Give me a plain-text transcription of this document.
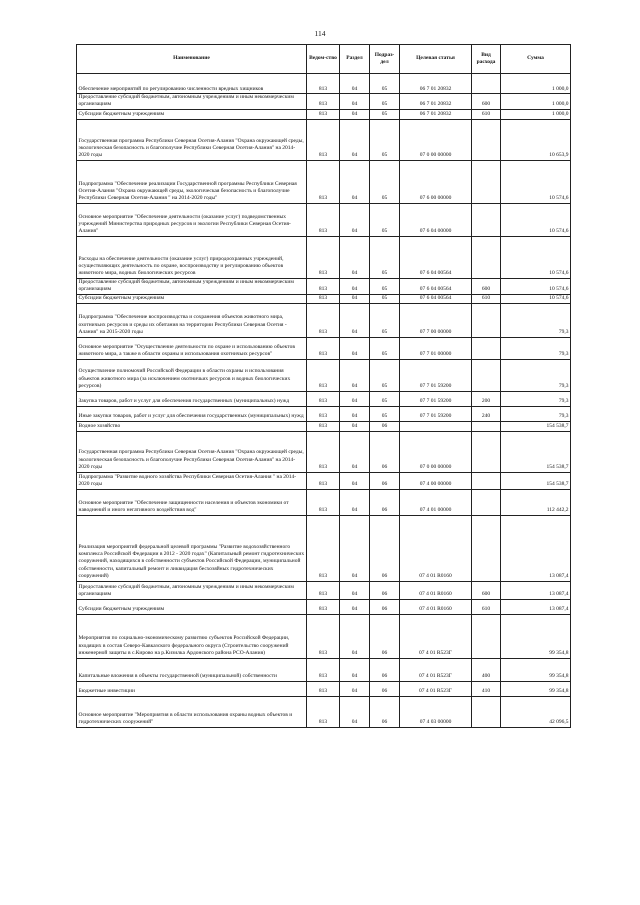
114
Наименование	Ведом-ство	Раздел	Подраз-дел	Целевая статья	Вид расхода	Сумма
Обеспечение мероприятий по регулированию численности вредных хищников	813	04	05	06 7 01 20832		1 000,0
Предоставление субсидий бюджетным, автономным учреждениям и иным некоммерческим организациям	813	04	05	06 7 01 20832	600	1 000,0
Субсидии бюджетным учреждениям	813	04	05	06 7 01 20832	610	1 000,0
Государственная программа Республики Северная Осетия-Алания "Охрана окружающей среды, экологическая безопасность и благополучие Республики Северная Осетия-Алания" на 2014-2020 годы	813	04	05	07 0 00 00000		10 653,9
Подпрограмма "Обеспечение реализации Государственной программы Республики Северная Осетия-Алания "Охрана окружающей среды, экологическая безопасность и благополучие Республики Северная Осетия-Алания " на 2014-2020 годы"	813	04	05	07 6 00 00000		10 574,6
Основное мероприятие "Обеспечение деятельности (оказание услуг) подведомственных учреждений Министерства природных ресурсов и экологии Республики Северная Осетия-Алания"	813	04	05	07 6 04 00000		10 574,6
Расходы на обеспечение деятельности (оказание услуг) природоохранных учреждений, осуществляющих деятельность по охране, воспроизводству и регулированию объектов животного мира, водных биологических ресурсов	813	04	05	07 6 04 00564		10 574,6
Предоставление субсидий бюджетным, автономным учреждениям и иным некоммерческим организациям	813	04	05	07 6 04 00564	600	10 574,6
Субсидии бюджетным учреждениям	813	04	05	07 6 04 00564	610	10 574,6
Подпрограмма "Обеспечение воспроизводства и сохранения объектов животного мира, охотничьих ресурсов и среды их обитания на территории Республики Северная Осетия - Алания" на 2015-2020 годы	813	04	05	07 7 00 00000		79,3
Основное мероприятие "Осуществление деятельности по охране и использованию объектов животного мира, а также в области охраны и использования охотничьих ресурсов"	813	04	05	07 7 01 00000		79,3
Осуществление полномочий Российской Федерации в области охраны и использования объектов животного мира (за исключением охотничьих ресурсов и водных биологических ресурсов)	813	04	05	07 7 01 59200		79,3
Закупка товаров, работ и услуг для обеспечения государственных (муниципальных) нужд	813	04	05	07 7 01 59200	200	79,3
Иные закупки товаров, работ и услуг для обеспечения государственных (муниципальных) нужд	813	04	05	07 7 01 59200	240	79,3
Водное хозяйство	813	04	06			154 538,7
Государственная программа Республики Северная Осетия-Алания "Охрана окружающей среды, экологическая безопасность и благополучие Республики Северная Осетия-Алания" на 2014-2020 годы	813	04	06	07 0 00 00000		154 538,7
Подпрограмма "Развитие водного хозяйства Республики Северная Осетия-Алания " на 2014-2020 годы	813	04	06	07 4 00 00000		154 538,7
Основное мероприятие "Обеспечение защищенности населения и объектов экономики от наводнений и иного негативного воздействия вод"	813	04	06	07 4 01 00000		112 442,2
Реализация мероприятий федеральной целевой программы "Развитие водохозяйственного комплекса Российской Федерации в 2012 - 2020 годах" (Капитальный ремонт гидротехнических сооружений, находящихся в собственности субъектов Российской Федерации, муниципальной собственности, капитальный ремонт и ликвидация бесхозяйных гидротехнических сооружений)	813	04	06	07 4 01 R0160		13 087,4
Предоставление субсидий бюджетным, автономным учреждениям и иным некоммерческим организациям	813	04	06	07 4 01 R0160	600	13 087,4
Субсидии бюджетным учреждениям	813	04	06	07 4 01 R0160	610	13 087,4
Мероприятия по социально-экономическому развитию субъектов Российской Федерации, входящих в состав Северо-Кавказского федерального округа (Строительство сооружений инженерной защиты в с.Кирово на р.Кизилка Ардонского района РСО-Алания)	813	04	06	07 4 01 R523Г		99 354,8
Капитальные вложения в объекты государственной (муниципальной) собственности	813	04	06	07 4 01 R523Г	400	99 354,8
Бюджетные инвестиции	813	04	06	07 4 01 R523Г	410	99 354,8
Основное мероприятие "Мероприятия в области использования охраны водных объектов и гидротехнических сооружений"	813	04	06	07 4 03 00000		42 096,5
